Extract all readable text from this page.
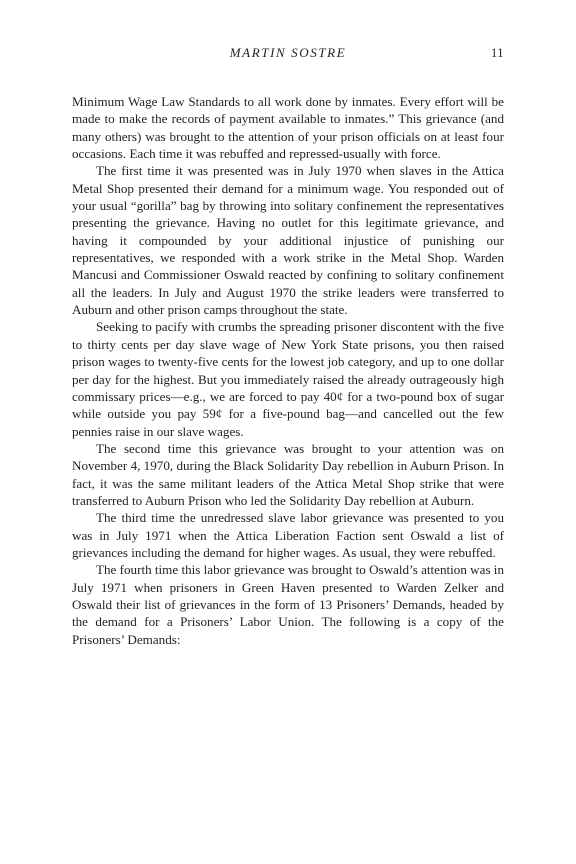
MARTIN SOSTRE	11

Minimum Wage Law Standards to all work done by inmates. Every effort will be made to make the records of payment available to inmates.” This grievance (and many others) was brought to the attention of your prison officials on at least four occasions. Each time it was rebuffed and repressed-usually with force.

The first time it was presented was in July 1970 when slaves in the Attica Metal Shop presented their demand for a minimum wage. You responded out of your usual “gorilla” bag by throwing into solitary confinement the representatives presenting the grievance. Having no outlet for this legitimate grievance, and having it compounded by your additional injustice of punishing our representatives, we responded with a work strike in the Metal Shop. Warden Mancusi and Commissioner Oswald reacted by confining to solitary confinement all the leaders. In July and August 1970 the strike leaders were transferred to Auburn and other prison camps throughout the state.

Seeking to pacify with crumbs the spreading prisoner discontent with the five to thirty cents per day slave wage of New York State prisons, you then raised prison wages to twenty-five cents for the lowest job category, and up to one dollar per day for the highest. But you immediately raised the already outrageously high commissary prices—e.g., we are forced to pay 40¢ for a two-pound box of sugar while outside you pay 59¢ for a five-pound bag—and cancelled out the few pennies raise in our slave wages.

The second time this grievance was brought to your attention was on November 4, 1970, during the Black Solidarity Day rebellion in Auburn Prison. In fact, it was the same militant leaders of the Attica Metal Shop strike that were transferred to Auburn Prison who led the Solidarity Day rebellion at Auburn.

The third time the unredressed slave labor grievance was presented to you was in July 1971 when the Attica Liberation Faction sent Oswald a list of grievances including the demand for higher wages. As usual, they were rebuffed.

The fourth time this labor grievance was brought to Oswald’s attention was in July 1971 when prisoners in Green Haven presented to Warden Zelker and Oswald their list of grievances in the form of 13 Prisoners’ Demands, headed by the demand for a Prisoners’ Labor Union. The following is a copy of the Prisoners’ Demands:
